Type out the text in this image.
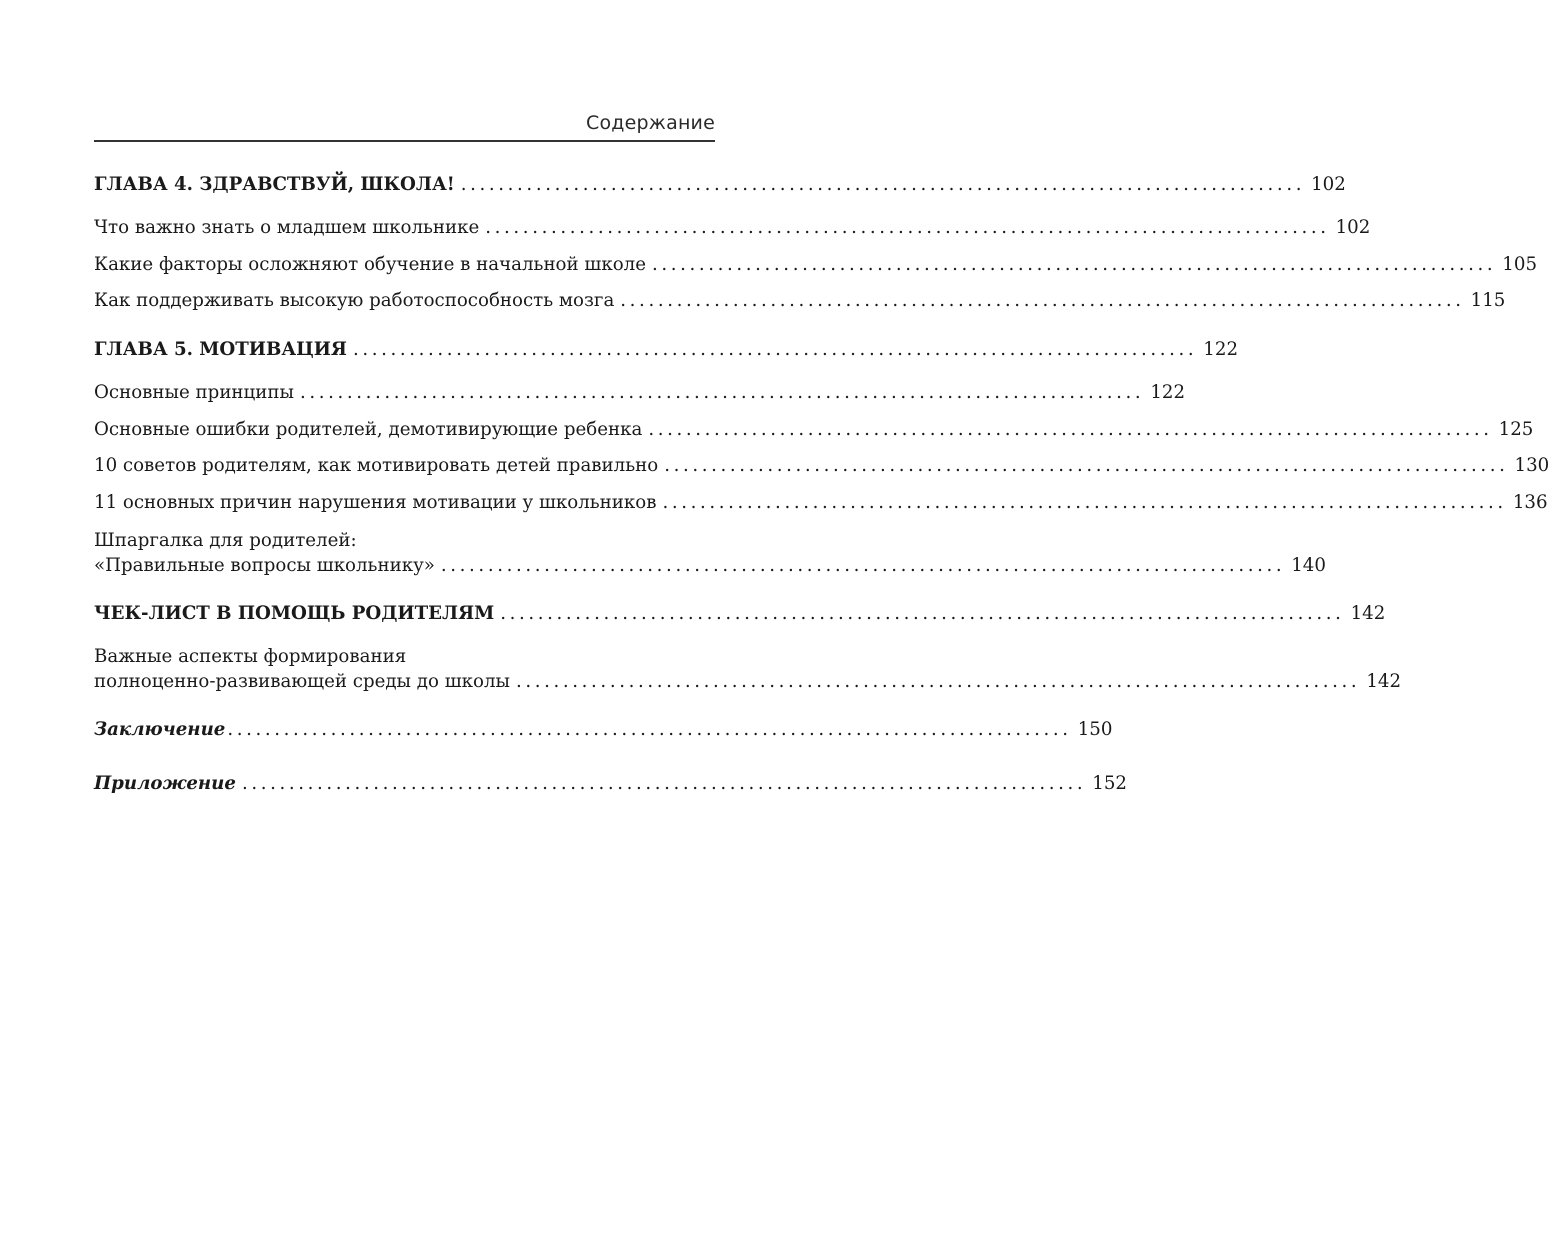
Содержание
ГЛАВА 4. ЗДРАВСТВУЙ, ШКОЛА! .......................................................................................... 102
Что важно знать о младшем школьнике .......................................................................................... 102
Какие факторы осложняют обучение в начальной школе .......................................................................................... 105
Как поддерживать высокую работоспособность мозга .......................................................................................... 115
ГЛАВА 5. МОТИВАЦИЯ .......................................................................................... 122
Основные принципы .......................................................................................... 122
Основные ошибки родителей, демотивирующие ребенка .......................................................................................... 125
10 советов родителям, как мотивировать детей правильно .......................................................................................... 130
11 основных причин нарушения мотивации у школьников .......................................................................................... 136
Шпаргалка для родителей:
«Правильные вопросы школьнику» .......................................................................................... 140
ЧЕК-ЛИСТ В ПОМОЩЬ РОДИТЕЛЯМ .......................................................................................... 142
Важные аспекты формирования
полноценно-развивающей среды до школы .......................................................................................... 142
Заключение .......................................................................................... 150
Приложение .......................................................................................... 152
